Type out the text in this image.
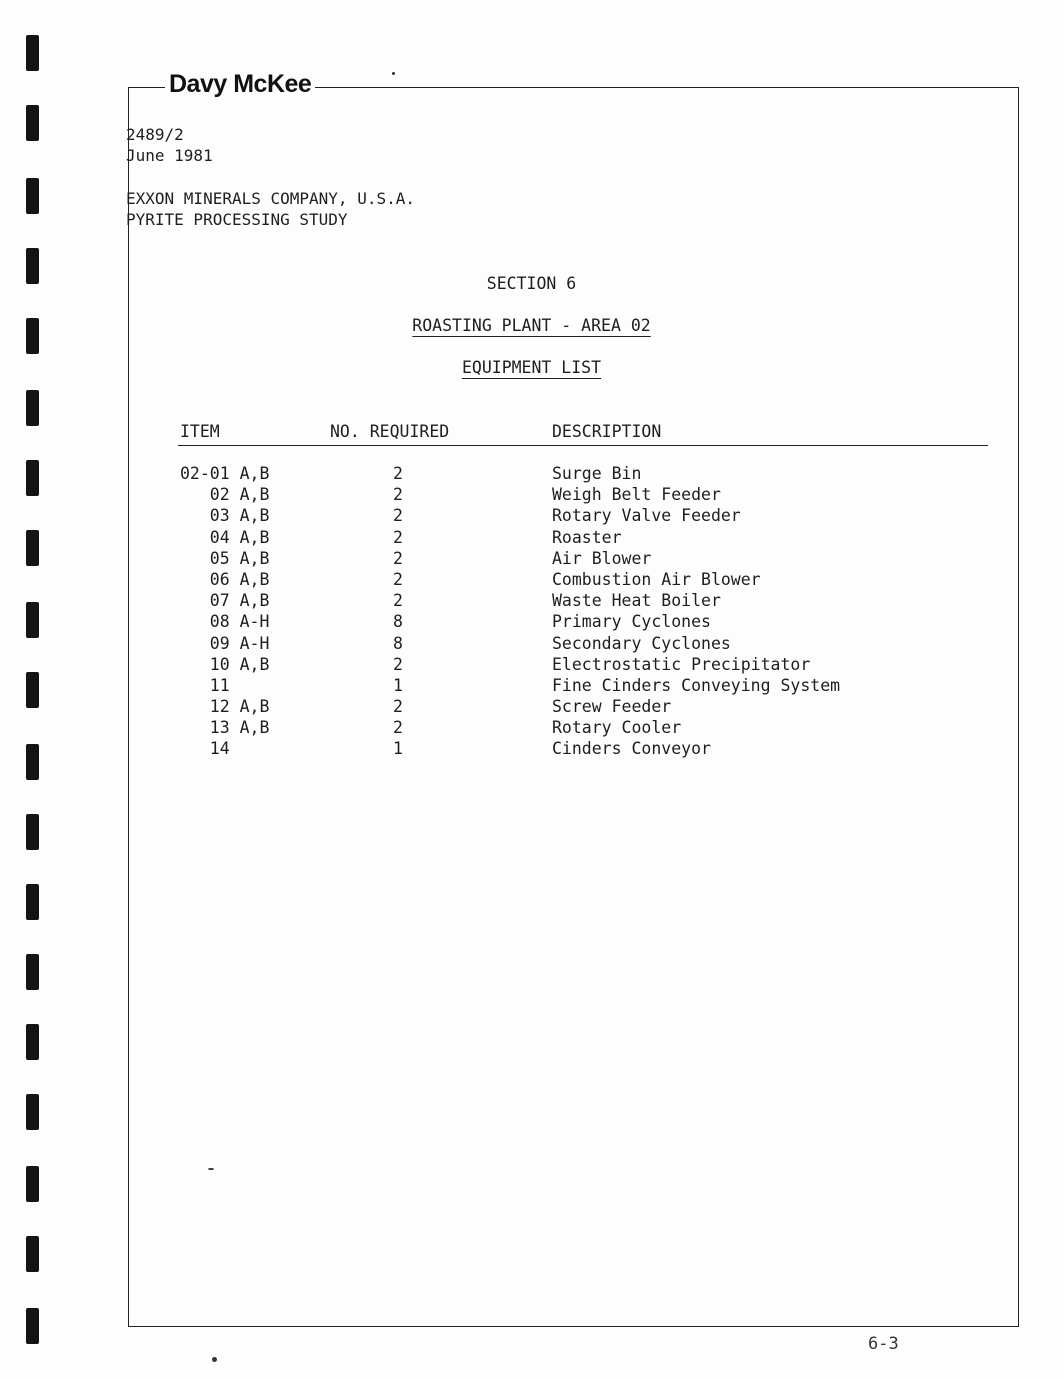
Davy McKee
2489/2
June 1981
EXXON MINERALS COMPANY, U.S.A.
PYRITE PROCESSING STUDY
SECTION 6
ROASTING PLANT - AREA 02
EQUIPMENT LIST
ITEM	NO. REQUIRED	DESCRIPTION
02-01 A,B	2	Surge Bin
02 A,B	2	Weigh Belt Feeder
03 A,B	2	Rotary Valve Feeder
04 A,B	2	Roaster
05 A,B	2	Air Blower
06 A,B	2	Combustion Air Blower
07 A,B	2	Waste Heat Boiler
08 A-H	8	Primary Cyclones
09 A-H	8	Secondary Cyclones
10 A,B	2	Electrostatic Precipitator
11	1	Fine Cinders Conveying System
12 A,B	2	Screw Feeder
13 A,B	2	Rotary Cooler
14	1	Cinders Conveyor
6-3
